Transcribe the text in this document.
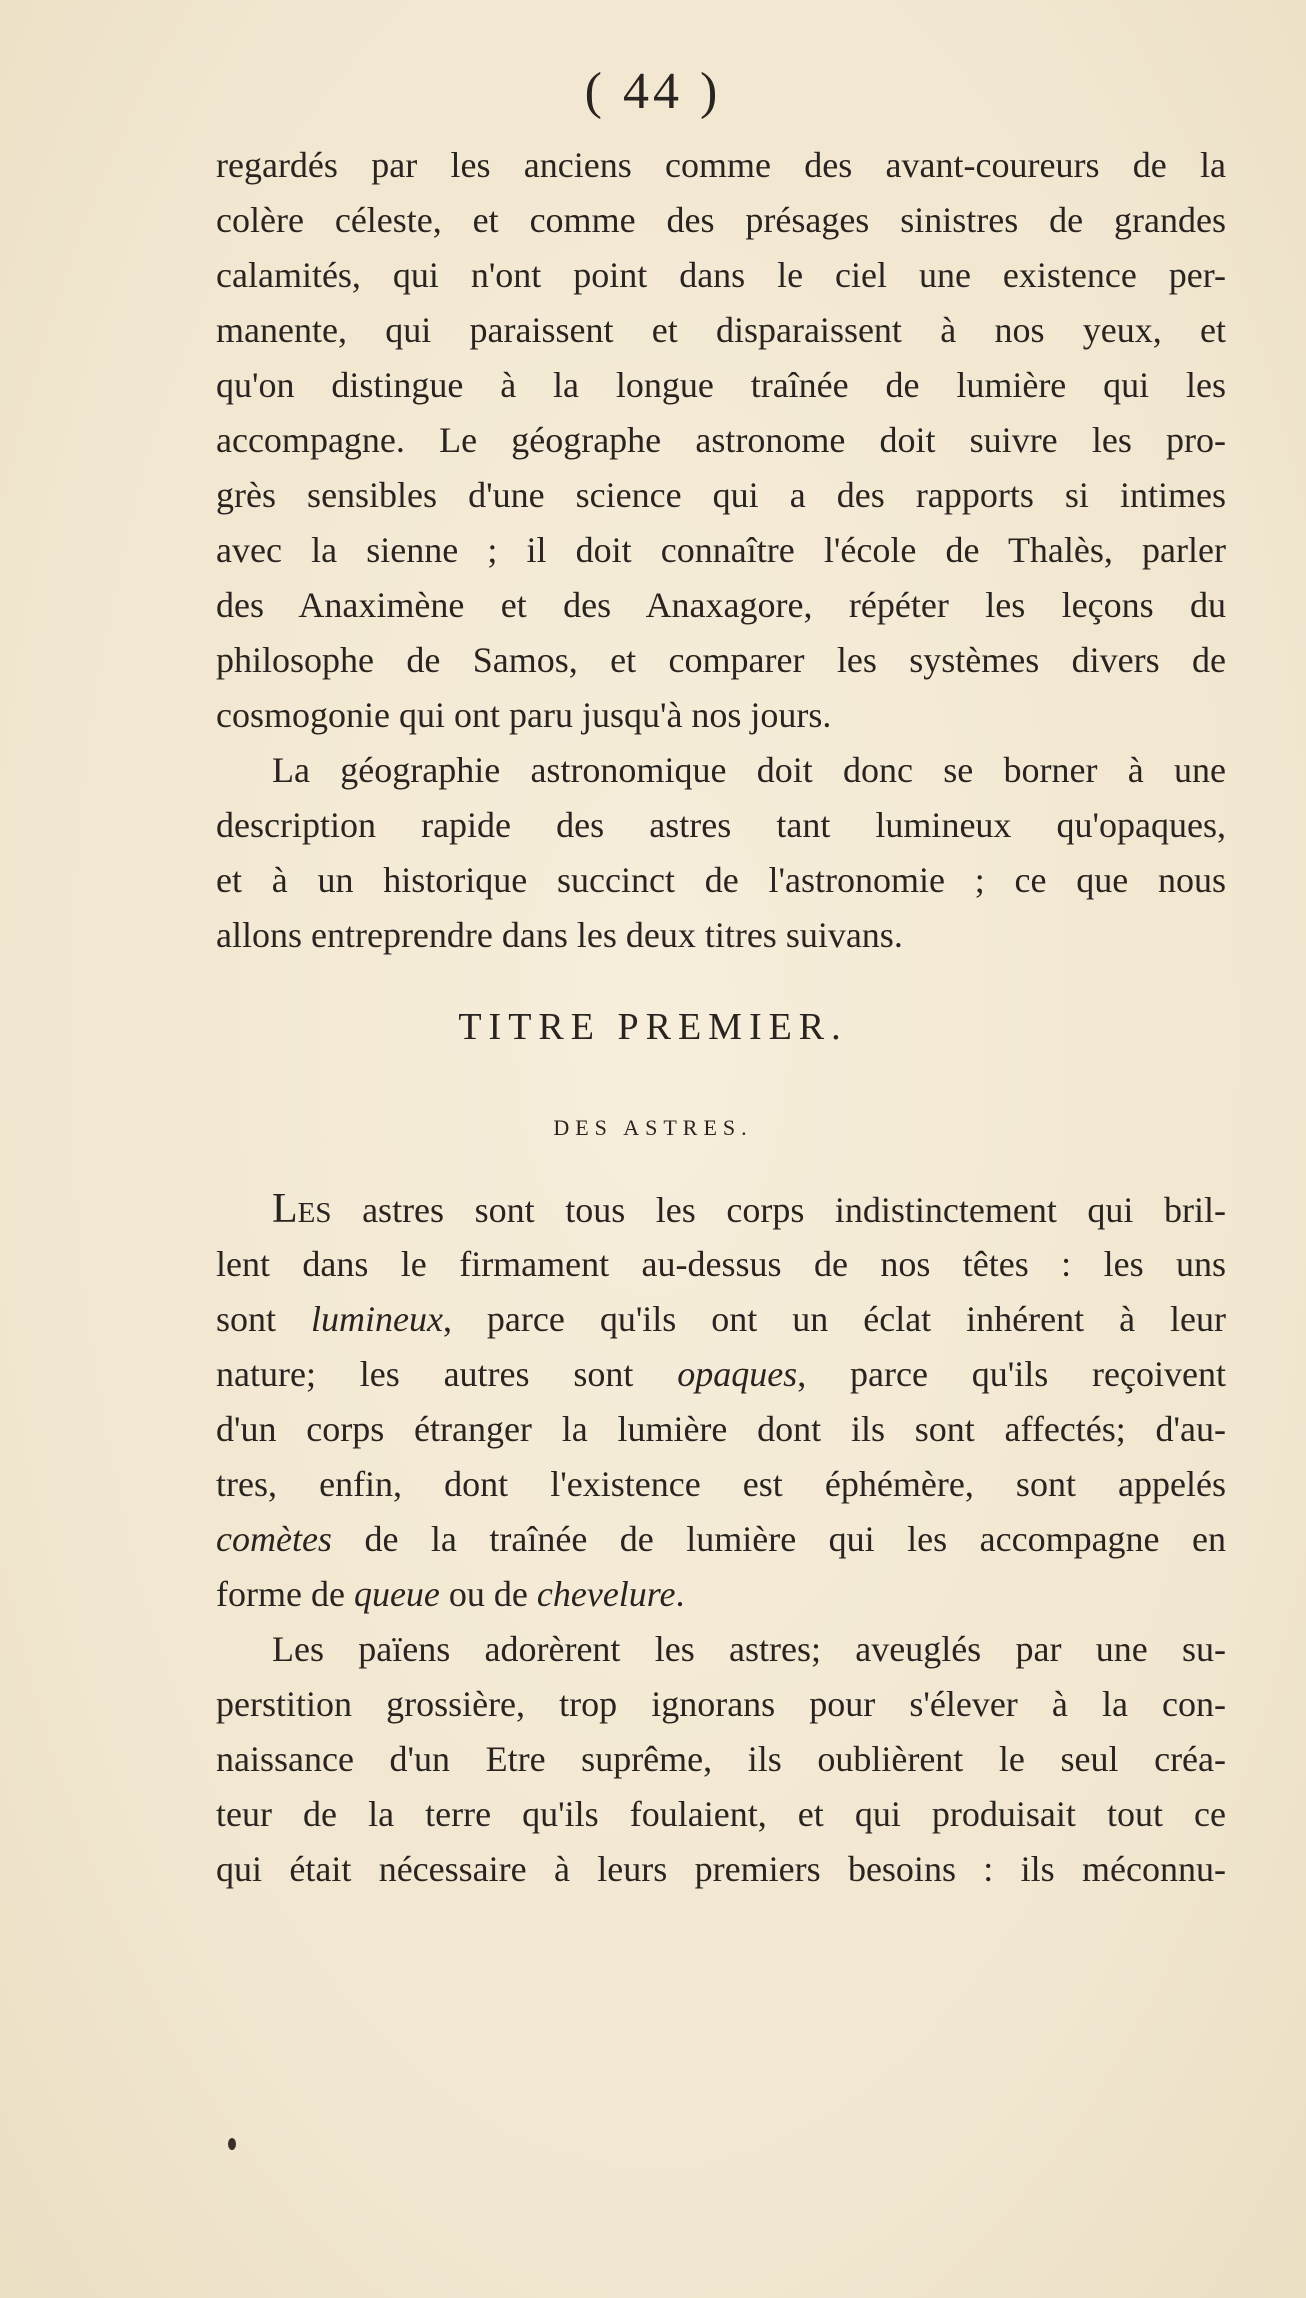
( 44 )
regardés par les anciens comme des avant-coureurs de la
colère céleste, et comme des présages sinistres de grandes
calamités, qui n'ont point dans le ciel une existence per-
manente, qui paraissent et disparaissent à nos yeux, et
qu'on distingue à la longue traînée de lumière qui les
accompagne. Le géographe astronome doit suivre les pro-
grès sensibles d'une science qui a des rapports si intimes
avec la sienne ; il doit connaître l'école de Thalès, parler
des Anaximène et des Anaxagore, répéter les leçons du
philosophe de Samos, et comparer les systèmes divers de
cosmogonie qui ont paru jusqu'à nos jours.
La géographie astronomique doit donc se borner à une
description rapide des astres tant lumineux qu'opaques,
et à un historique succinct de l'astronomie ; ce que nous
allons entreprendre dans les deux titres suivans.
TITRE PREMIER.
DES ASTRES.
Les astres sont tous les corps indistinctement qui bril-
lent dans le firmament au-dessus de nos têtes : les uns
sont lumineux, parce qu'ils ont un éclat inhérent à leur
nature; les autres sont opaques, parce qu'ils reçoivent
d'un corps étranger la lumière dont ils sont affectés; d'au-
tres, enfin, dont l'existence est éphémère, sont appelés
comètes de la traînée de lumière qui les accompagne en
forme de queue ou de chevelure.
Les païens adorèrent les astres; aveuglés par une su-
perstition grossière, trop ignorans pour s'élever à la con-
naissance d'un Etre suprême, ils oublièrent le seul créa-
teur de la terre qu'ils foulaient, et qui produisait tout ce
qui était nécessaire à leurs premiers besoins : ils méconnu-
